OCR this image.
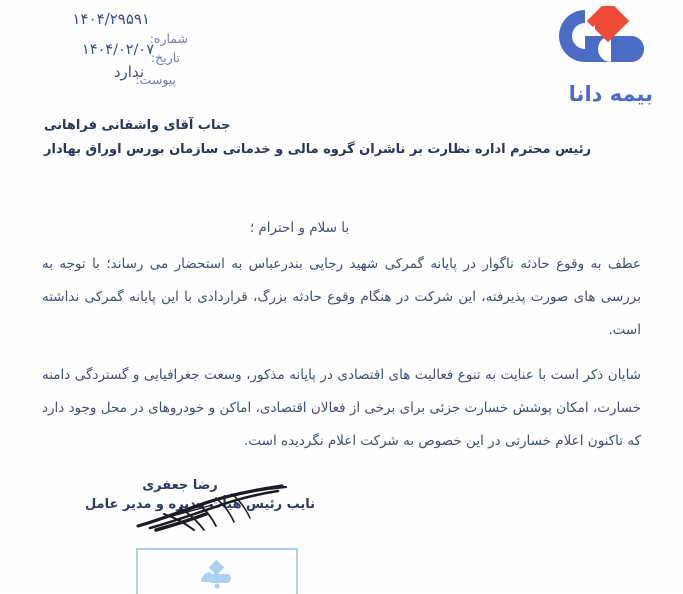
۱۴۰۴/۲۹۵۹۱
شماره:
۱۴۰۴/۰۲/۰۷
تاریخ:
ندارد
پیوست:
بیمه دانا
جناب آقای واشقانی فراهانی
رئیس محترم اداره نظارت بر ناشران گروه مالی و خدماتی سازمان بورس اوراق بهادار
با سلام و احترام ؛

عطف به وقوع حادثه ناگوار در پایانه گمرکی شهید رجایی بندرعباس به استحضار می رساند؛ با توجه به بررسی های صورت پذیرفته، این شرکت در هنگام وقوع حادثه بزرگ، قراردادی با این پایانه گمرکی نداشته است.

شایان ذکر است با عنایت به تنوع فعالیت های اقتصادی در پایانه مذکور، وسعت جغرافیایی و گستردگی دامنه خسارت، امکان پوشش خسارت جزئی برای برخی از فعالان اقتصادی، اماکن و خودروهای در محل وجود دارد که تاکنون اعلام خسارتی در این خصوص به شرکت اعلام نگردیده است.

رضا جعفری
نایب رئیس هیأت مدیره و مدیر عامل
